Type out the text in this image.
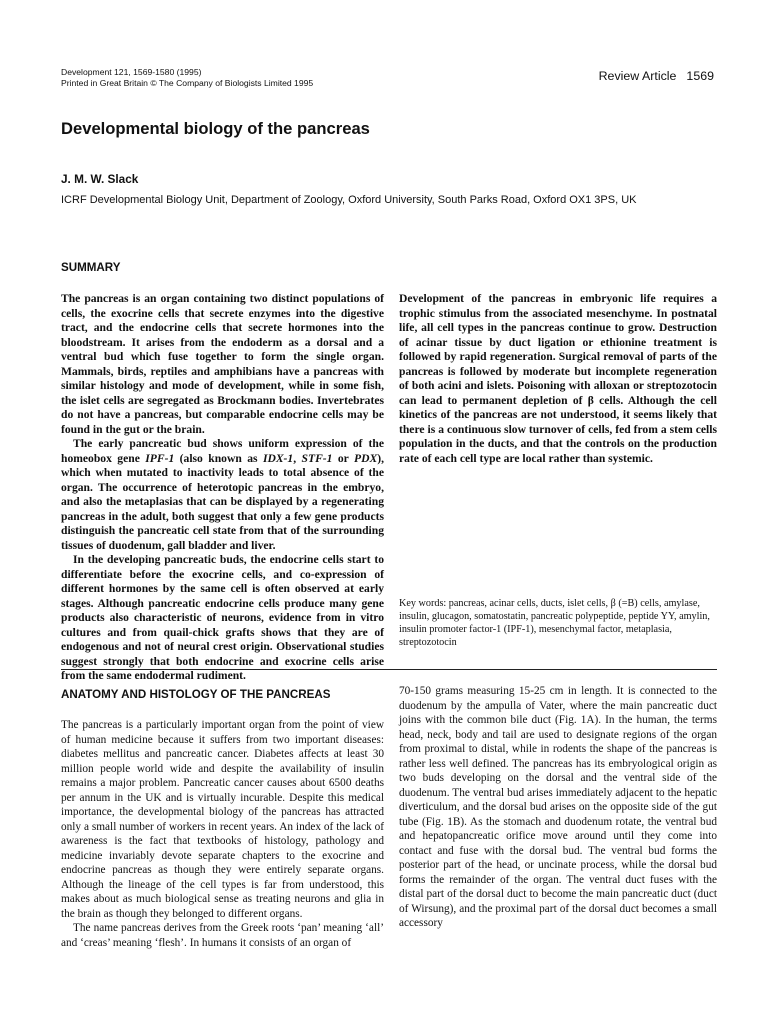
Development 121, 1569-1580 (1995)
Printed in Great Britain © The Company of Biologists Limited 1995
Review Article 1569
Developmental biology of the pancreas

J. M. W. Slack

ICRF Developmental Biology Unit, Department of Zoology, Oxford University, South Parks Road, Oxford OX1 3PS, UK

SUMMARY

The pancreas is an organ containing two distinct populations of cells, the exocrine cells that secrete enzymes into the digestive tract, and the endocrine cells that secrete hormones into the bloodstream. It arises from the endoderm as a dorsal and a ventral bud which fuse together to form the single organ. Mammals, birds, reptiles and amphibians have a pancreas with similar histology and mode of development, while in some fish, the islet cells are segregated as Brockmann bodies. Invertebrates do not have a pancreas, but comparable endocrine cells may be found in the gut or the brain.

The early pancreatic bud shows uniform expression of the homeobox gene IPF-1 (also known as IDX-1, STF-1 or PDX), which when mutated to inactivity leads to total absence of the organ. The occurrence of heterotopic pancreas in the embryo, and also the metaplasias that can be displayed by a regenerating pancreas in the adult, both suggest that only a few gene products distinguish the pancreatic cell state from that of the surrounding tissues of duodenum, gall bladder and liver.

In the developing pancreatic buds, the endocrine cells start to differentiate before the exocrine cells, and co-expression of different hormones by the same cell is often observed at early stages. Although pancreatic endocrine cells produce many gene products also characteristic of neurons, evidence from in vitro cultures and from quail-chick grafts shows that they are of endogenous and not of neural crest origin. Observational studies suggest strongly that both endocrine and exocrine cells arise from the same endodermal rudiment.

Development of the pancreas in embryonic life requires a trophic stimulus from the associated mesenchyme. In postnatal life, all cell types in the pancreas continue to grow. Destruction of acinar tissue by duct ligation or ethionine treatment is followed by rapid regeneration. Surgical removal of parts of the pancreas is followed by moderate but incomplete regeneration of both acini and islets. Poisoning with alloxan or streptozotocin can lead to permanent depletion of β cells. Although the cell kinetics of the pancreas are not understood, it seems likely that there is a continuous slow turnover of cells, fed from a stem cells population in the ducts, and that the controls on the production rate of each cell type are local rather than systemic.

Key words: pancreas, acinar cells, ducts, islet cells, β (=B) cells, amylase, insulin, glucagon, somatostatin, pancreatic polypeptide, peptide YY, amylin, insulin promoter factor-1 (IPF-1), mesenchymal factor, metaplasia, streptozotocin

ANATOMY AND HISTOLOGY OF THE PANCREAS

The pancreas is a particularly important organ from the point of view of human medicine because it suffers from two important diseases: diabetes mellitus and pancreatic cancer. Diabetes affects at least 30 million people world wide and despite the availability of insulin remains a major problem. Pancreatic cancer causes about 6500 deaths per annum in the UK and is virtually incurable. Despite this medical importance, the developmental biology of the pancreas has attracted only a small number of workers in recent years. An index of the lack of awareness is the fact that textbooks of histology, pathology and medicine invariably devote separate chapters to the exocrine and endocrine pancreas as though they were entirely separate organs. Although the lineage of the cell types is far from understood, this makes about as much biological sense as treating neurons and glia in the brain as though they belonged to different organs.

The name pancreas derives from the Greek roots ‘pan’ meaning ‘all’ and ‘creas’ meaning ‘flesh’. In humans it consists of an organ of

70-150 grams measuring 15-25 cm in length. It is connected to the duodenum by the ampulla of Vater, where the main pancreatic duct joins with the common bile duct (Fig. 1A). In the human, the terms head, neck, body and tail are used to designate regions of the organ from proximal to distal, while in rodents the shape of the pancreas is rather less well defined. The pancreas has its embryological origin as two buds developing on the dorsal and the ventral side of the duodenum. The ventral bud arises immediately adjacent to the hepatic diverticulum, and the dorsal bud arises on the opposite side of the gut tube (Fig. 1B). As the stomach and duodenum rotate, the ventral bud and hepatopancreatic orifice move around until they come into contact and fuse with the dorsal bud. The ventral bud forms the posterior part of the head, or uncinate process, while the dorsal bud forms the remainder of the organ. The ventral duct fuses with the distal part of the dorsal duct to become the main pancreatic duct (duct of Wirsung), and the proximal part of the dorsal duct becomes a small accessory
